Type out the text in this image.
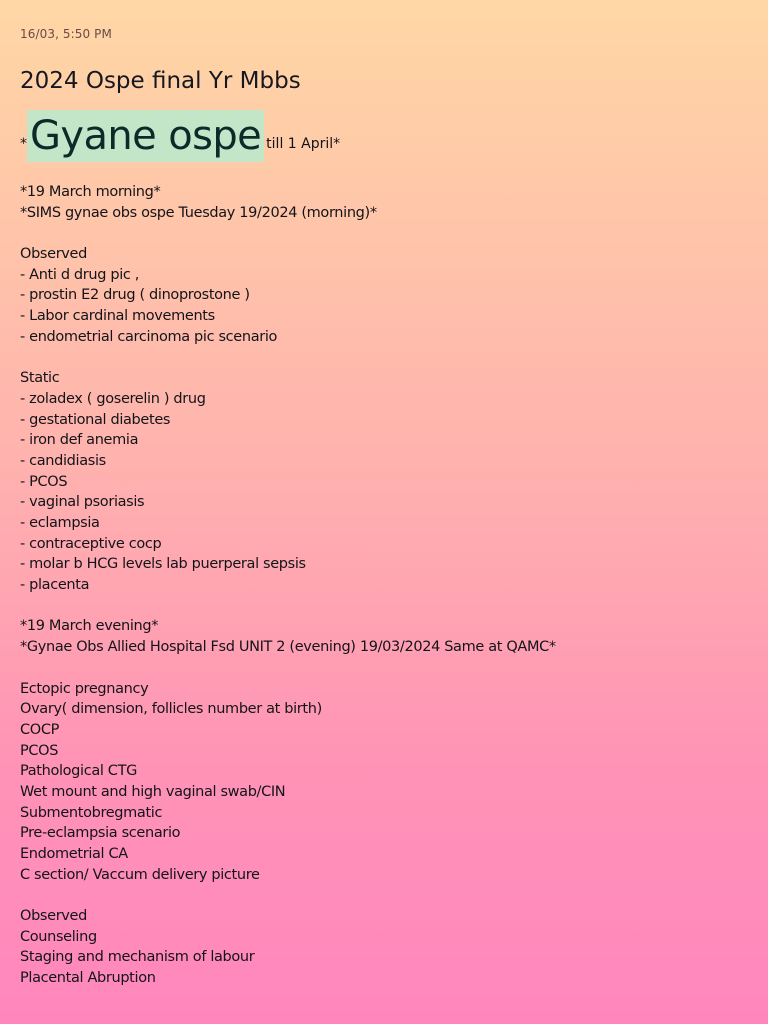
16/03, 5:50 PM
2024 Ospe final Yr Mbbs
* Gyane ospe till 1 April*
*19 March morning*
*SIMS gynae obs ospe Tuesday 19/2024 (morning)*
Observed
- Anti d drug pic ,
- prostin E2 drug ( dinoprostone )
- Labor cardinal movements
- endometrial carcinoma pic scenario
Static
- zoladex ( goserelin ) drug
- gestational diabetes
- iron def anemia
- candidiasis
- PCOS
- vaginal psoriasis
- eclampsia
- contraceptive cocp
- molar b HCG levels lab puerperal sepsis
- placenta
*19 March evening*
*Gynae Obs Allied Hospital Fsd UNIT 2 (evening) 19/03/2024 Same at QAMC*
Ectopic pregnancy
Ovary( dimension, follicles number at birth)
COCP
PCOS
Pathological CTG
Wet mount and high vaginal swab/CIN
Submentobregmatic
Pre-eclampsia scenario
Endometrial CA
C section/ Vaccum delivery picture
Observed
Counseling
Staging and mechanism of labour
Placental Abruption
